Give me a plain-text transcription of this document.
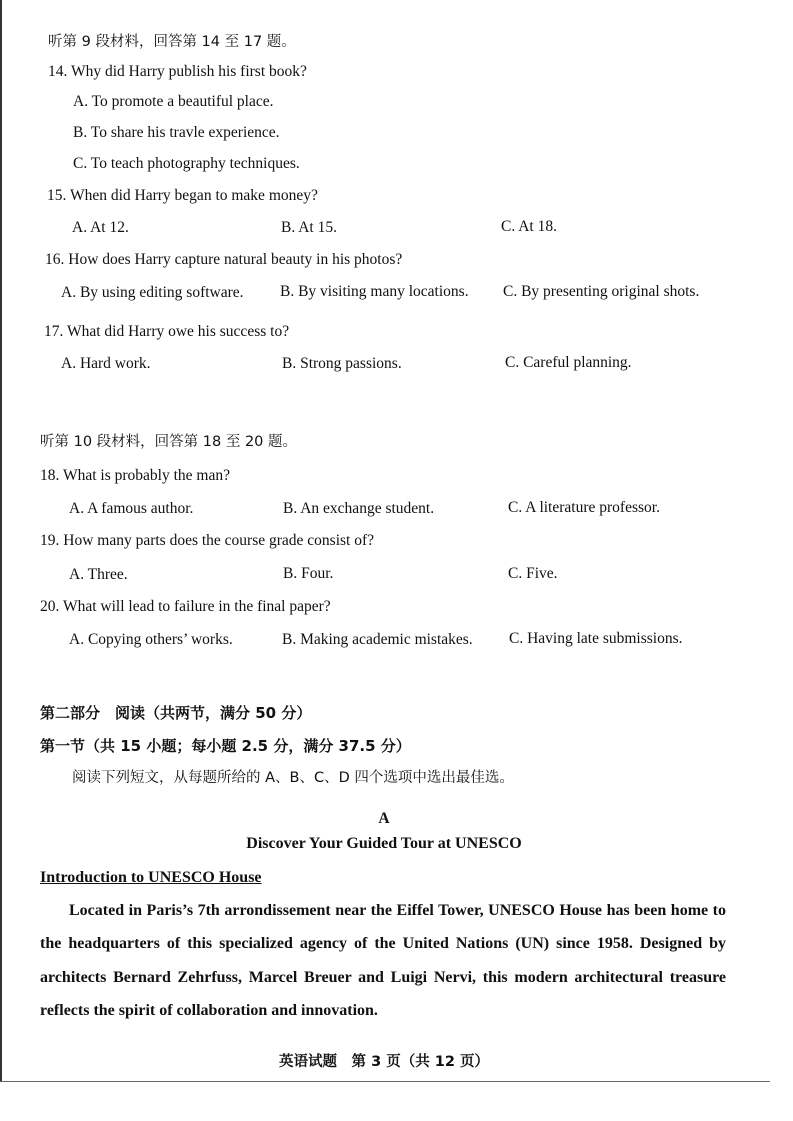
听第 9 段材料，回答第 14 至 17 题。
14. Why did Harry publish his first book?
A. To promote a beautiful place.
B. To share his travle experience.
C. To teach photography techniques.
15. When did Harry began to make money?
A. At 12.	B. At 15.	C. At 18.
16. How does Harry capture natural beauty in his photos?
A. By using editing software. B. By visiting many locations. C. By presenting original shots.
17. What did Harry owe his success to?
A. Hard work.	B. Strong passions.	C. Careful planning.
听第 10 段材料，回答第 18 至 20 题。
18. What is probably the man?
A. A famous author.	B. An exchange student.	C. A literature professor.
19. How many parts does the course grade consist of?
A. Three.	B. Four.	C. Five.
20. What will lead to failure in the final paper?
A. Copying others’ works.	B. Making academic mistakes. C. Having late submissions.
第二部分　阅读（共两节，满分 50 分）
第一节（共 15 小题；每小题 2.5 分，满分 37.5 分）
阅读下列短文，从每题所给的 A、B、C、D 四个选项中选出最佳选。
A
Discover Your Guided Tour at UNESCO
Introduction to UNESCO House
Located in Paris’s 7th arrondissement near the Eiffel Tower, UNESCO House has been home to the headquarters of this specialized agency of the United Nations (UN) since 1958. Designed by architects Bernard Zehrfuss, Marcel Breuer and Luigi Nervi, this modern architectural treasure reflects the spirit of collaboration and innovation.
英语试题　第 3 页（共 12 页）
